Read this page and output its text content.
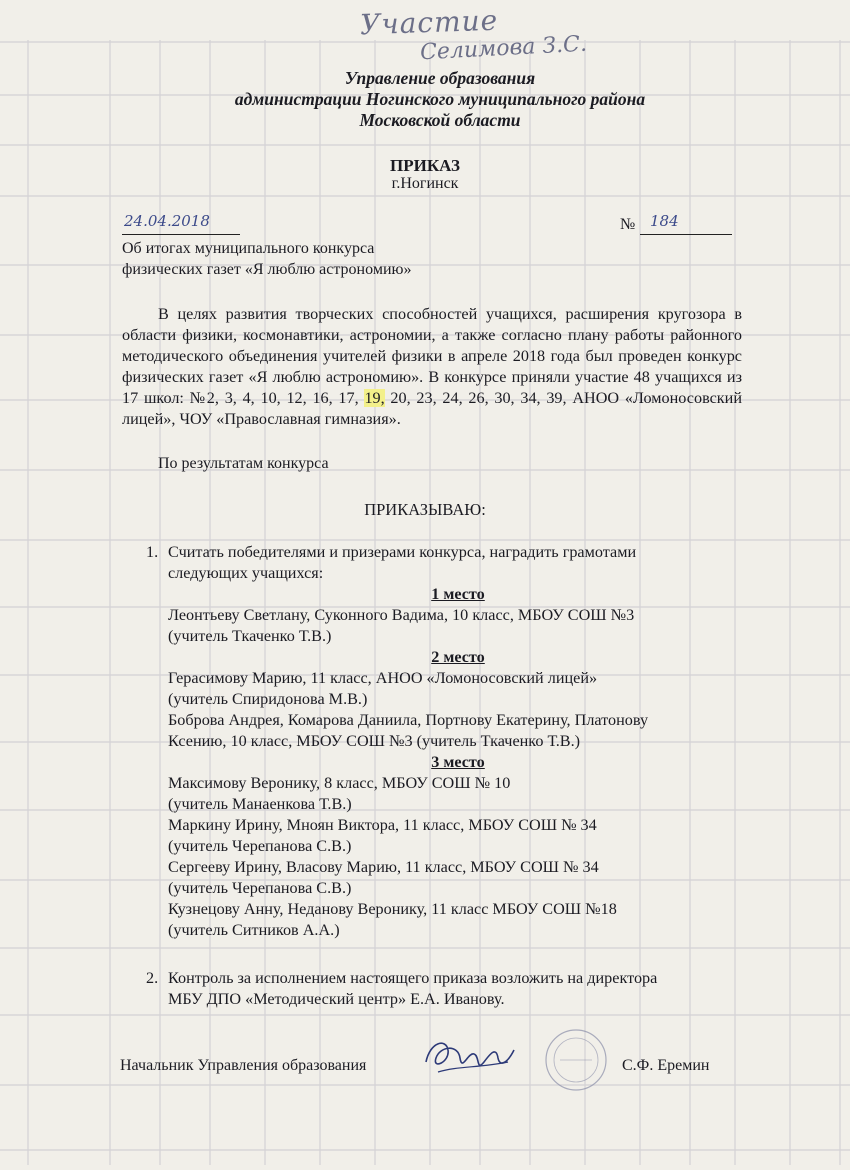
Участие
Селимова З.С.
Управление образования
администрации Ногинского муниципального района
Московской области
ПРИКАЗ
г.Ногинск
24.04.2018	№ 184
Об итогах муниципального конкурса
физических газет «Я люблю астрономию»

В целях развития творческих способностей учащихся, расширения кругозора в области физики, космонавтики, астрономии, а также согласно плану работы районного методического объединения учителей физики в апреле 2018 года был проведен конкурс физических газет «Я люблю астрономию». В конкурсе приняли участие 48 учащихся из 17 школ: №2, 3, 4, 10, 12, 16, 17, 19, 20, 23, 24, 26, 30, 34, 39, АНОО «Ломоносовский лицей», ЧОУ «Православная гимназия».

По результатам конкурса
ПРИКАЗЫВАЮ:
1. Считать победителями и призерами конкурса, наградить грамотами
следующих учащихся:
1 место
Леонтьеву Светлану, Суконного Вадима, 10 класс, МБОУ СОШ №3
(учитель Ткаченко Т.В.)
2 место
Герасимову Марию, 11 класс, АНОО «Ломоносовский лицей»
(учитель Спиридонова М.В.)
Боброва Андрея, Комарова Даниила, Портнову Екатерину, Платонову
Ксению, 10 класс, МБОУ СОШ №3 (учитель Ткаченко Т.В.)
3 место
Максимову Веронику, 8 класс, МБОУ СОШ № 10
(учитель Манаенкова Т.В.)
Маркину Ирину, Мноян Виктора, 11 класс, МБОУ СОШ № 34
(учитель Черепанова С.В.)
Сергееву Ирину, Власову Марию, 11 класс, МБОУ СОШ № 34
(учитель Черепанова С.В.)
Кузнецову Анну, Неданову Веронику, 11 класс МБОУ СОШ №18
(учитель Ситников А.А.)
2. Контроль за исполнением настоящего приказа возложить на директора
МБУ ДПО «Методический центр» Е.А. Иванову.
Начальник Управления образования	С.Ф. Еремин
